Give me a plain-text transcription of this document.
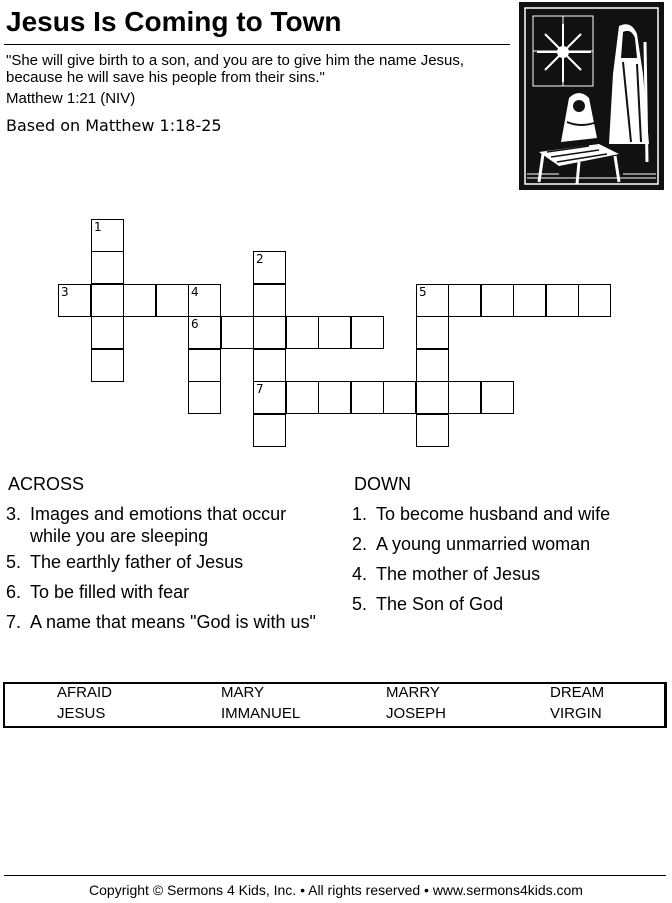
Jesus Is Coming to Town
"She will give birth to a son, and you are to give him the name Jesus, because he will save his people from their sins."
Matthew 1:21 (NIV)
Based on Matthew 1:18-25
1
3	4
6
2
7
5
ACROSS
3. Images and emotions that occur while you are sleeping
5. The earthly father of Jesus
6. To be filled with fear
7. A name that means "God is with us"
DOWN
1. To become husband and wife
2. A young unmarried woman
4. The mother of Jesus
5. The Son of God
AFRAID	MARY	MARRY	DREAM
JESUS	IMMANUEL	JOSEPH	VIRGIN
Copyright © Sermons 4 Kids, Inc. • All rights reserved • www.sermons4kids.com
